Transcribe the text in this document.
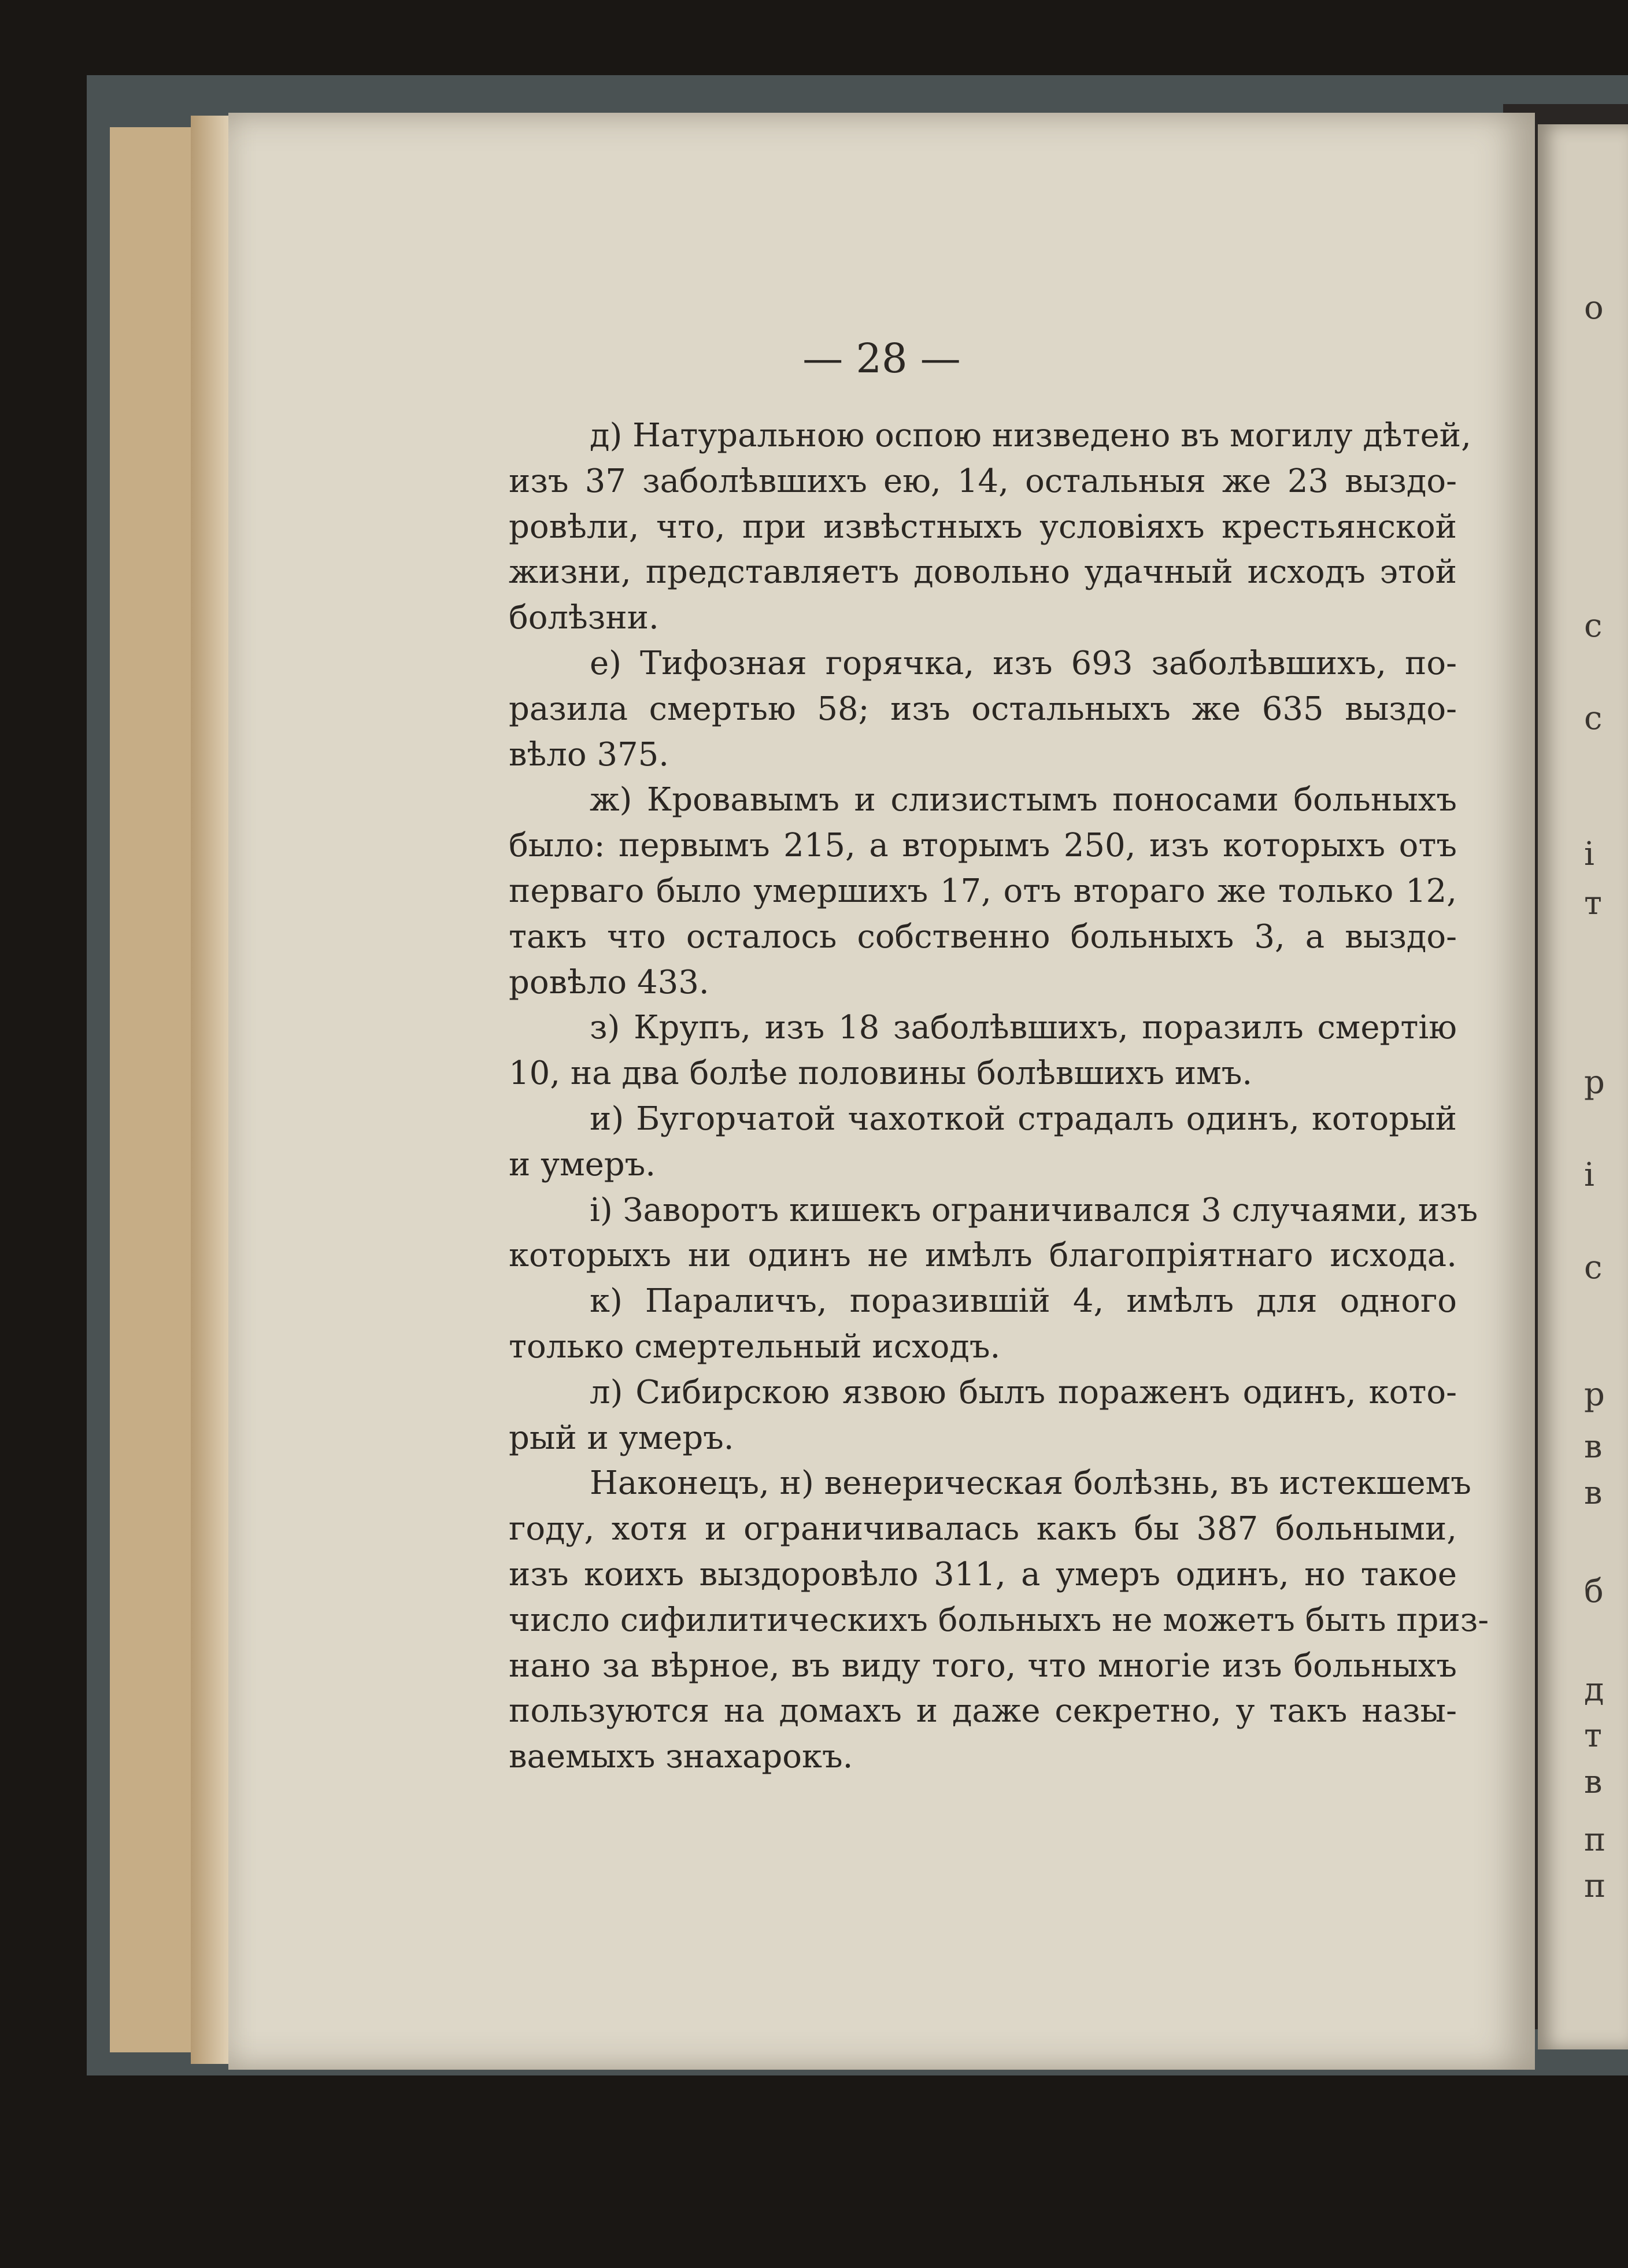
о
с
с
і
т
р
і
с
р
в
в
б
д
т
в
п
п
— 28 —
д) Натуральною оспою низведено въ могилу дѣтей,
изъ 37 заболѣвшихъ ею, 14, остальныя же 23 выздо-
ровѣли, что, при извѣстныхъ условіяхъ крестьянской
жизни, представляетъ довольно удачный исходъ этой
болѣзни.
е) Тифозная горячка, изъ 693 заболѣвшихъ, по-
разила смертью 58; изъ остальныхъ же 635 выздо-
вѣло 375.
ж) Кровавымъ и слизистымъ поносами больныхъ
было: первымъ 215, а вторымъ 250, изъ которыхъ отъ
перваго было умершихъ 17, отъ втораго же только 12,
такъ что осталось собственно больныхъ 3, а выздо-
ровѣло 433.
з) Крупъ, изъ 18 заболѣвшихъ, поразилъ смертію
10, на два болѣе половины болѣвшихъ имъ.
и) Бугорчатой чахоткой страдалъ одинъ, который
и умеръ.
і) Заворотъ кишекъ ограничивался 3 случаями, изъ
которыхъ ни одинъ не имѣлъ благопріятнаго исхода.
к) Параличъ, поразившій 4, имѣлъ для одного
только смертельный исходъ.
л) Сибирскою язвою былъ пораженъ одинъ, кото-
рый и умеръ.
Наконецъ, н) венерическая болѣзнь, въ истекшемъ
году, хотя и ограничивалась какъ бы 387 больными,
изъ коихъ выздоровѣло 311, а умеръ одинъ, но такое
число сифилитическихъ больныхъ не можетъ быть приз-
нано за вѣрное, въ виду того, что многіе изъ больныхъ
пользуются на домахъ и даже секретно, у такъ назы-
ваемыхъ знахарокъ.
